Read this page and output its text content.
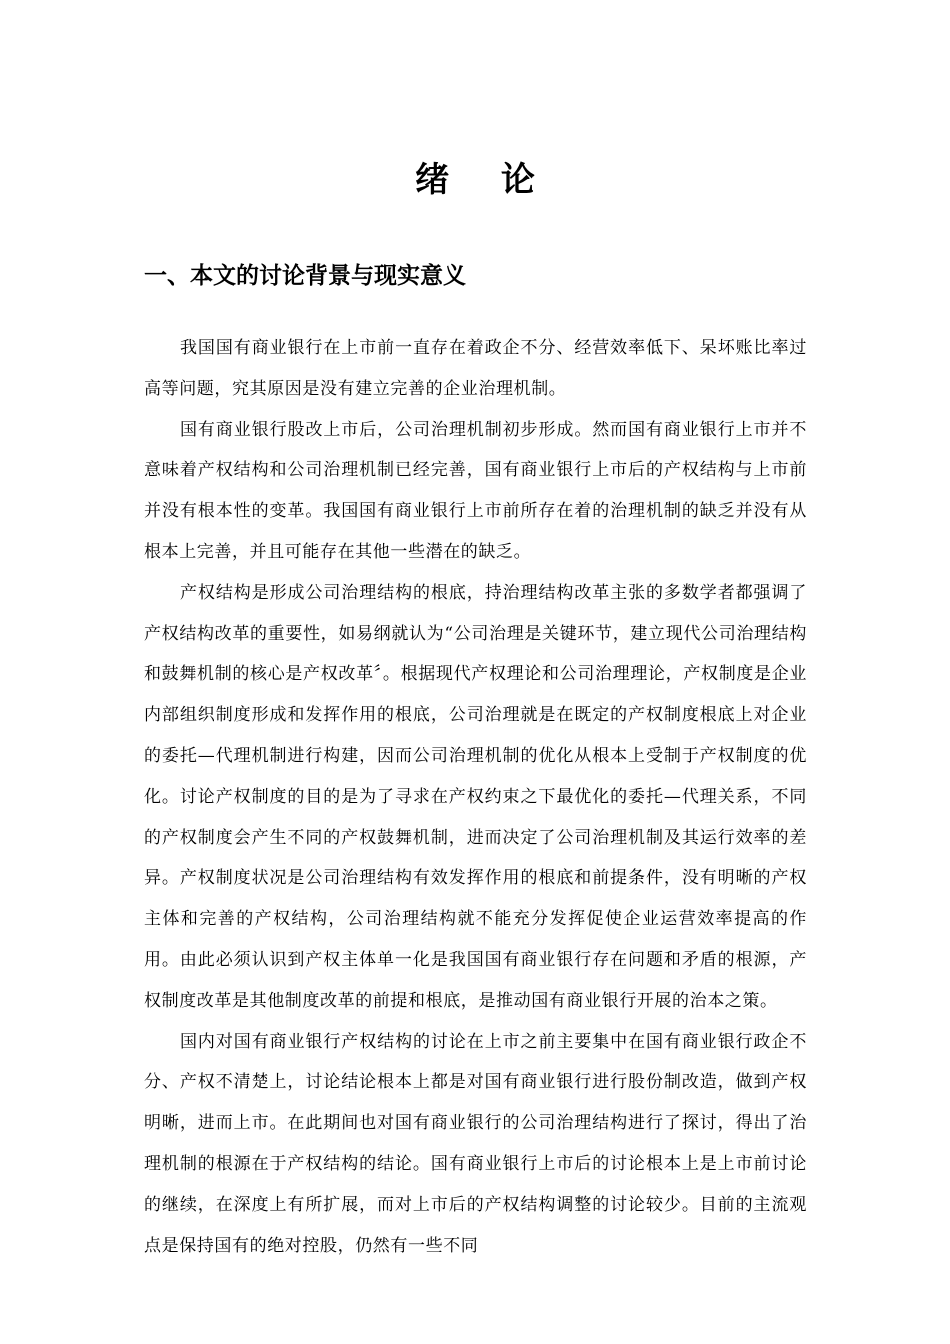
绪 论
一、本文的讨论背景与现实意义

我国国有商业银行在上市前一直存在着政企不分、经营效率低下、呆坏账比率过高等问题，究其原因是没有建立完善的企业治理机制。

国有商业银行股改上市后，公司治理机制初步形成。然而国有商业银行上市并不意味着产权结构和公司治理机制已经完善，国有商业银行上市后的产权结构与上市前并没有根本性的变革。我国国有商业银行上市前所存在着的治理机制的缺乏并没有从根本上完善，并且可能存在其他一些潜在的缺乏。

产权结构是形成公司治理结构的根底，持治理结构改革主张的多数学者都强调了产权结构改革的重要性，如易纲就认为“公司治理是关键环节，建立现代公司治理结构和鼓舞机制的核心是产权改革〞。根据现代产权理论和公司治理理论，产权制度是企业内部组织制度形成和发挥作用的根底，公司治理就是在既定的产权制度根底上对企业的委托—代理机制进行构建，因而公司治理机制的优化从根本上受制于产权制度的优化。讨论产权制度的目的是为了寻求在产权约束之下最优化的委托—代理关系，不同的产权制度会产生不同的产权鼓舞机制，进而决定了公司治理机制及其运行效率的差异。产权制度状况是公司治理结构有效发挥作用的根底和前提条件，没有明晰的产权主体和完善的产权结构，公司治理结构就不能充分发挥促使企业运营效率提高的作用。由此必须认识到产权主体单一化是我国国有商业银行存在问题和矛盾的根源，产权制度改革是其他制度改革的前提和根底，是推动国有商业银行开展的治本之策。

国内对国有商业银行产权结构的讨论在上市之前主要集中在国有商业银行政企不分、产权不清楚上，讨论结论根本上都是对国有商业银行进行股份制改造，做到产权明晰，进而上市。在此期间也对国有商业银行的公司治理结构进行了探讨，得出了治理机制的根源在于产权结构的结论。国有商业银行上市后的讨论根本上是上市前讨论的继续，在深度上有所扩展，而对上市后的产权结构调整的讨论较少。目前的主流观点是保持国有的绝对控股，仍然有一些不同
